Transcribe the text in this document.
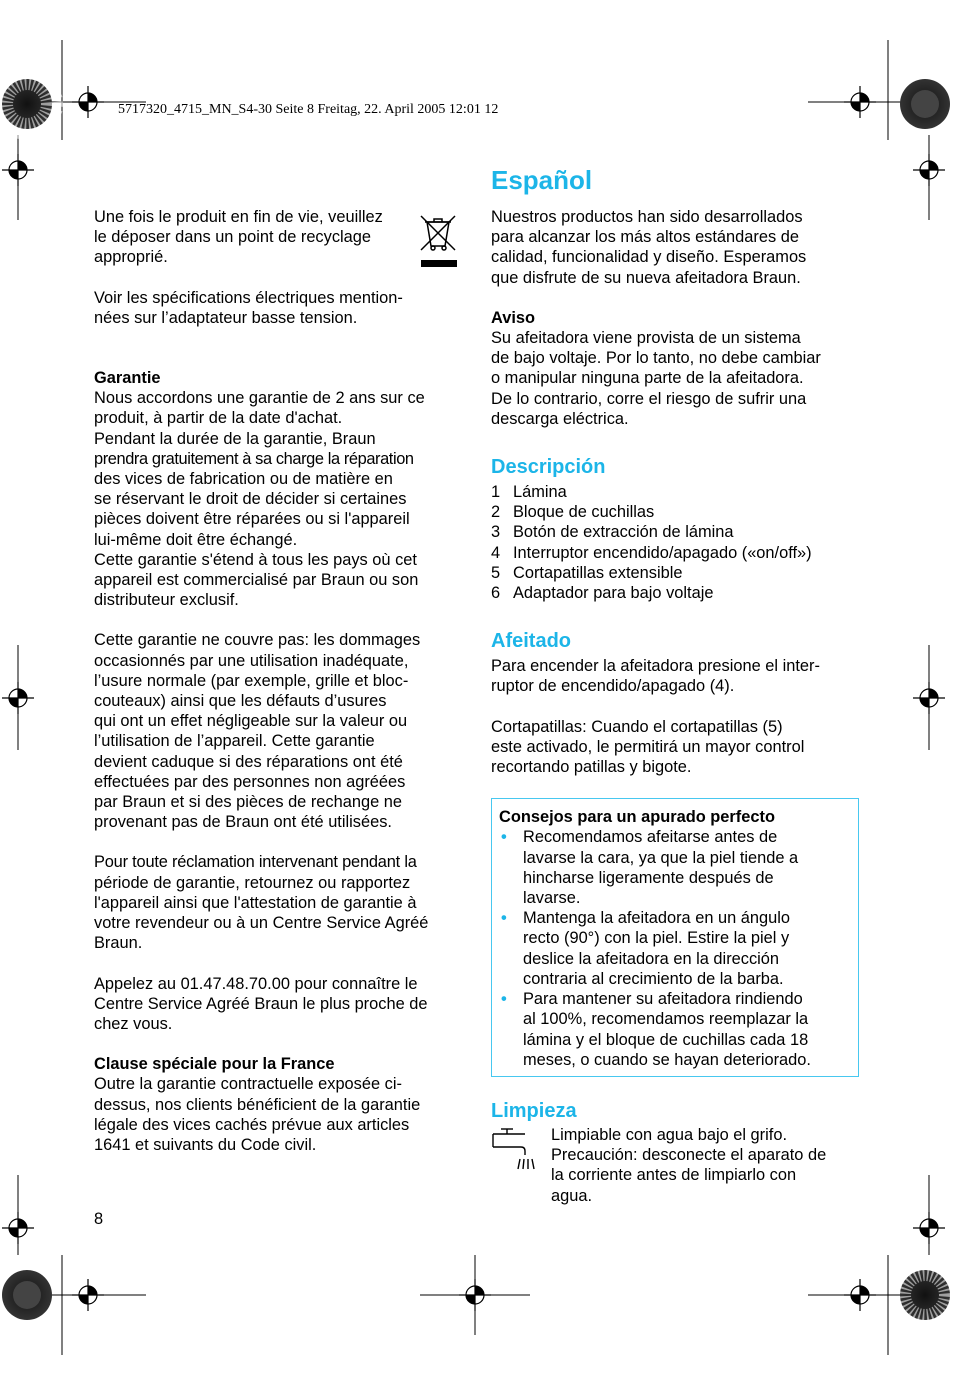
5717320_4715_MN_S4-30 Seite 8 Freitag, 22. April 2005 12:01 12

Une fois le produit en fin de vie, veuillez

le déposer dans un point de recyclage

approprié.

Voir les spécifications électriques mention-

nées sur l’adaptateur basse tension.

Garantie

Nous accordons une garantie de 2 ans sur ce

produit, à partir de la date d'achat.

Pendant la durée de la garantie, Braun

prendra gratuitement à sa charge la réparation

des vices de fabrication ou de matière en

se réservant le droit de décider si certaines

pièces doivent être réparées ou si l'appareil

lui-même doit être échangé.

Cette garantie s'étend à tous les pays où cet

appareil est commercialisé par Braun ou son

distributeur exclusif.

Cette garantie ne couvre pas: les dommages

occasionnés par une utilisation inadéquate,

l’usure normale (par exemple, grille et bloc-

couteaux) ainsi que les défauts d’usures

qui ont un effet négligeable sur la valeur ou

l’utilisation de l’appareil. Cette garantie

devient caduque si des réparations ont été

effectuées par des personnes non agréées

par Braun et si des pièces de rechange ne

provenant pas de Braun ont été utilisées.

Pour toute réclamation intervenant pendant la

période de garantie, retournez ou rapportez

l'appareil ainsi que l'attestation de garantie à

votre revendeur ou à un Centre Service Agréé

Braun.

Appelez au 01.47.48.70.00 pour connaître le

Centre Service Agréé Braun le plus proche de

chez vous.

Clause spéciale pour la France

Outre la garantie contractuelle exposée ci-

dessus, nos clients bénéficient de la garantie

légale des vices cachés prévue aux articles

1641 et suivants du Code civil.

Español

Nuestros productos han sido desarrollados

para alcanzar los más altos estándares de

calidad, funcionalidad y diseño. Esperamos

que disfrute de su nueva afeitadora Braun.

Aviso

Su afeitadora viene provista de un sistema

de bajo voltaje. Por lo tanto, no debe cambiar

o manipular ninguna parte de la afeitadora.

De lo contrario, corre el riesgo de sufrir una

descarga eléctrica.

Descripción
1 Lámina
2 Bloque de cuchillas
3 Botón de extracción de lámina
4 Interruptor encendido/apagado («on/off»)
5 Cortapatillas extensible
6 Adaptador para bajo voltaje
Afeitado

Para encender la afeitadora presione el inter-

ruptor de encendido/apagado (4).

Cortapatillas: Cuando el cortapatillas (5)

este activado, le permitirá un mayor control

recortando patillas y bigote.

Consejos para un apurado perfecto

• Recomendamos afeitarse antes de

lavarse la cara, ya que la piel tiende a

hincharse ligeramente después de

lavarse.

• Mantenga la afeitadora en un ángulo

recto (90°) con la piel. Estire la piel y

deslice la afeitadora en la dirección

contraria al crecimiento de la barba.

• Para mantener su afeitadora rindiendo

al 100%, recomendamos reemplazar la

lámina y el bloque de cuchillas cada 18

meses, o cuando se hayan deteriorado.

Limpieza

Limpiable con agua bajo el grifo.

Precaución: desconecte el aparato de

la corriente antes de limpiarlo con

agua.

8
